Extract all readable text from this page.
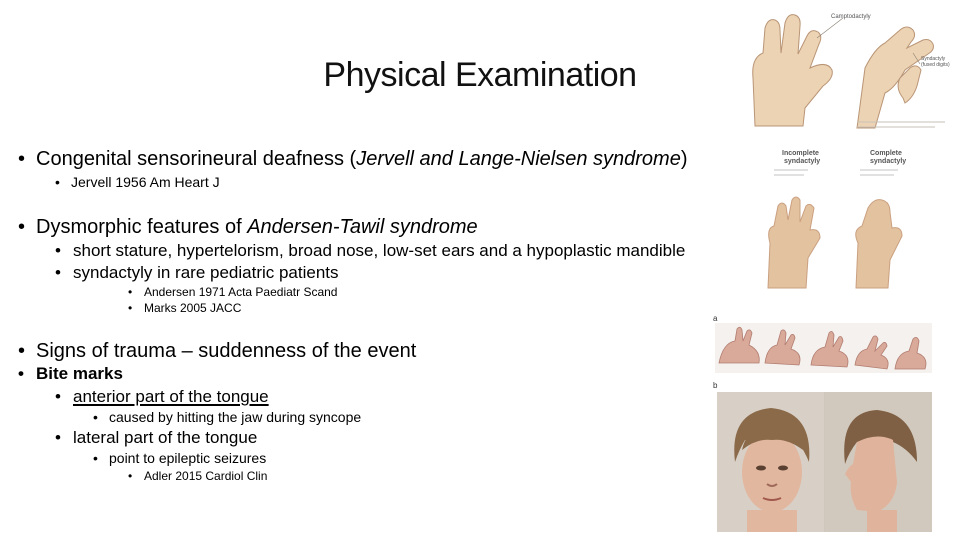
Physical Examination
• Congenital sensorineural deafness (Jervell and Lange-Nielsen syndrome)
• Jervell 1956 Am Heart J
• Dysmorphic features of Andersen-Tawil syndrome
• short stature, hypertelorism, broad nose, low-set ears and a hypoplastic mandible
• syndactyly in rare pediatric patients
• Andersen 1971 Acta Paediatr Scand
• Marks 2005 JACC
• Signs of trauma – suddenness of the event
• Bite marks
• anterior part of the tongue
• caused by hitting the jaw during syncope
• lateral part of the tongue
• point to epileptic seizures
• Adler 2015 Cardiol Clin
Camptodactyly
Syndactyly
(fused digits)
Incomplete
syndactyly
Complete
syndactyly
a
b
